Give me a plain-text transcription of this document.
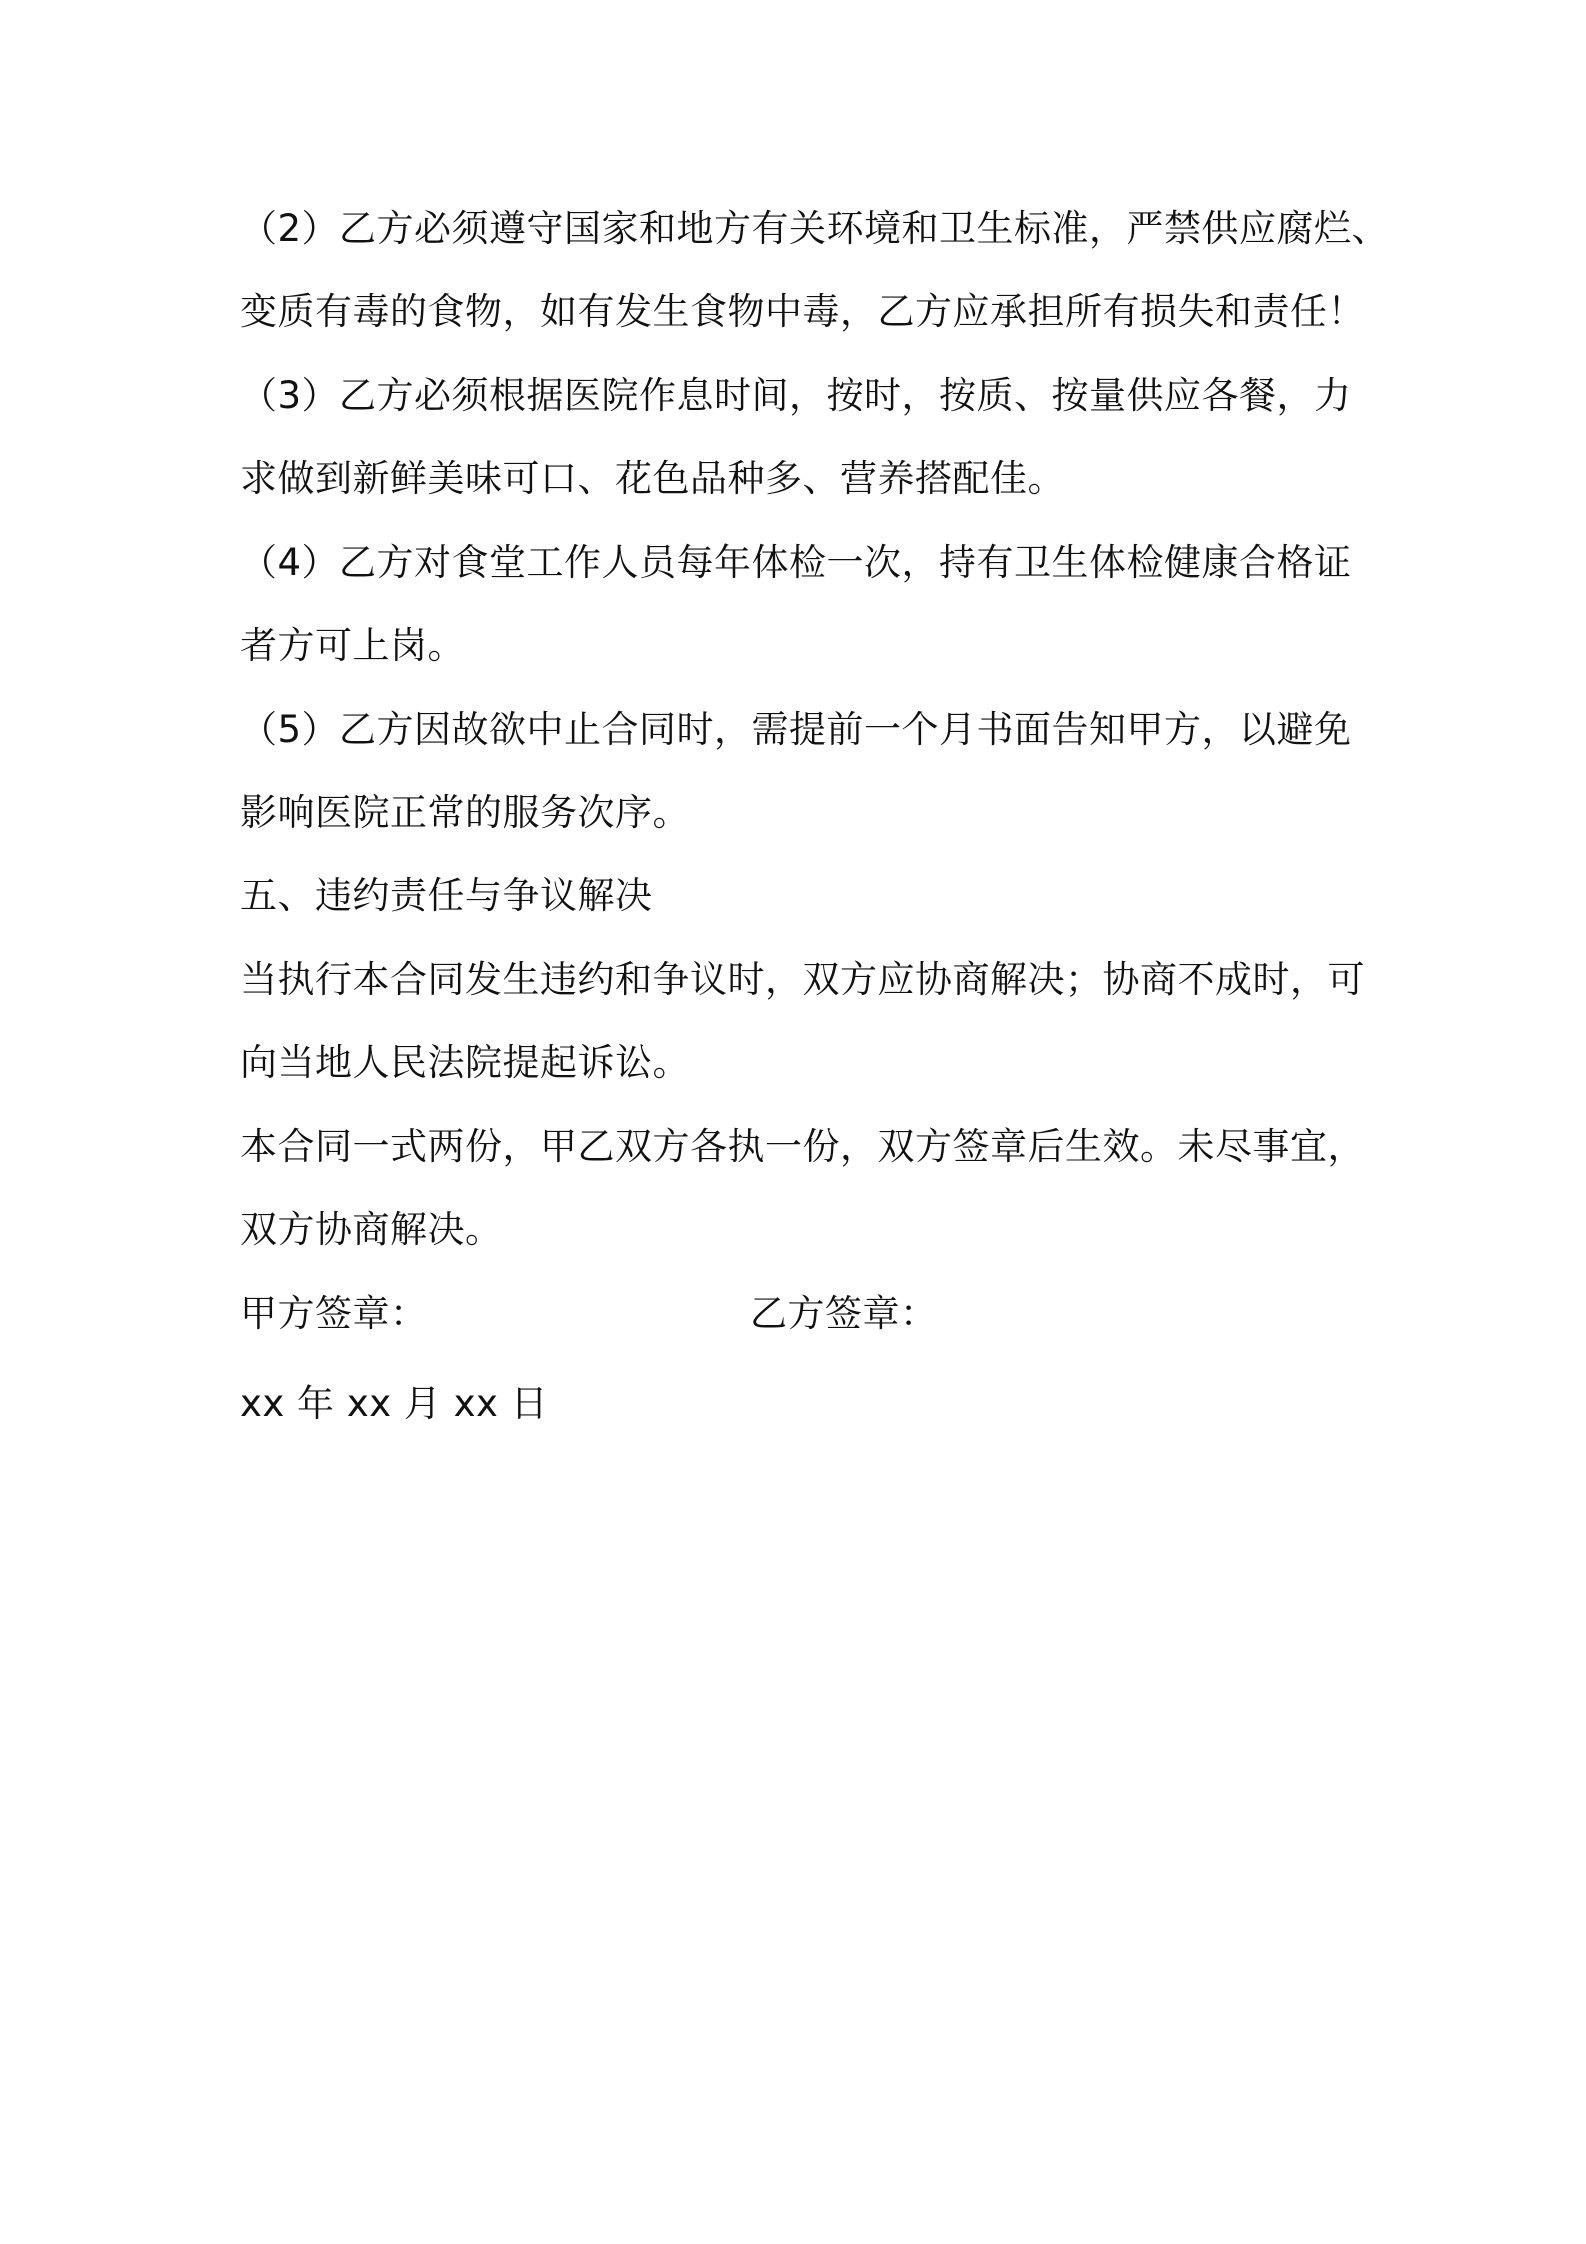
（2）乙方必须遵守国家和地方有关环境和卫生标准，严禁供应腐烂、

变质有毒的食物，如有发生食物中毒，乙方应承担所有损失和责任！

（3）乙方必须根据医院作息时间，按时，按质、按量供应各餐，力

求做到新鲜美味可口、花色品种多、营养搭配佳。

（4）乙方对食堂工作人员每年体检一次，持有卫生体检健康合格证

者方可上岗。

（5）乙方因故欲中止合同时，需提前一个月书面告知甲方，以避免

影响医院正常的服务次序。

五、违约责任与争议解决

当执行本合同发生违约和争议时，双方应协商解决；协商不成时，可

向当地人民法院提起诉讼。

本合同一式两份，甲乙双方各执一份，双方签章后生效。未尽事宜，

双方协商解决。

甲方签章：	乙方签章：

xx 年 xx 月 xx 日
